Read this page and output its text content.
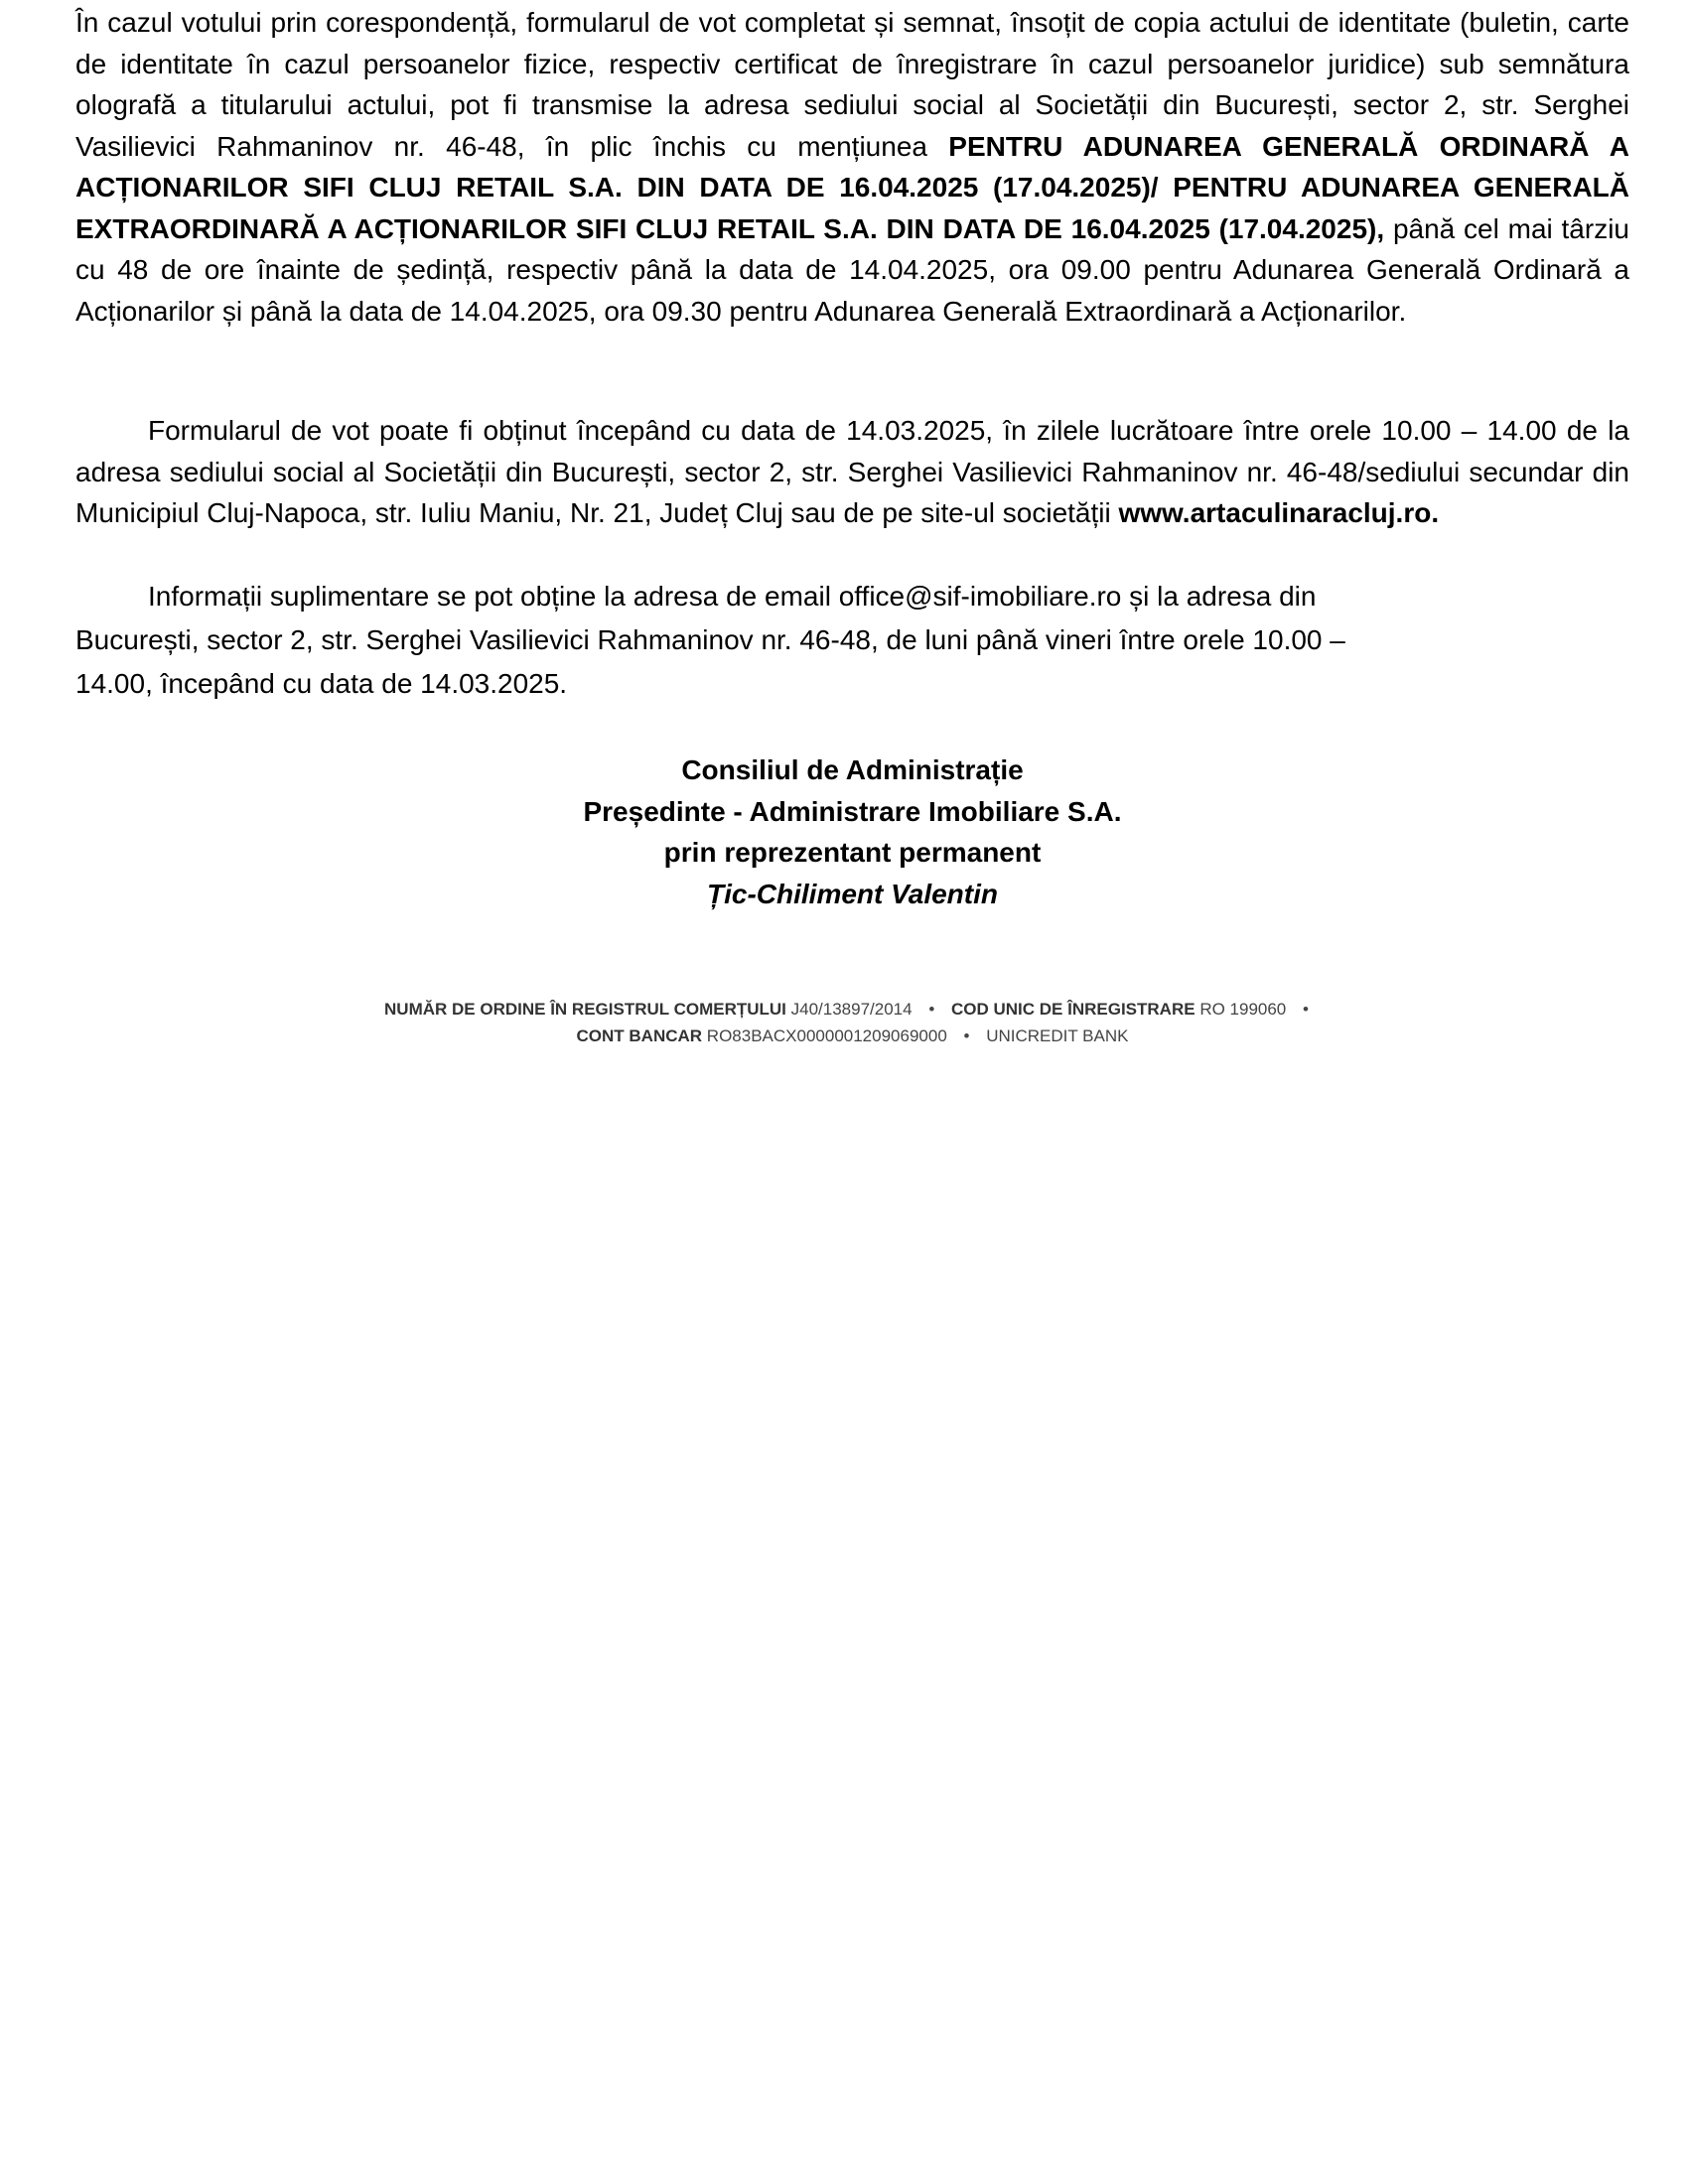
În cazul votului prin corespondență, formularul de vot completat și semnat, însoțit de copia actului de identitate (buletin, carte de identitate în cazul persoanelor fizice, respectiv certificat de înregistrare în cazul persoanelor juridice) sub semnătura olografă a titularului actului, pot fi transmise la adresa sediului social al Societății din București, sector 2, str. Serghei Vasilievici Rahmaninov nr. 46-48, în plic închis cu mențiunea PENTRU ADUNAREA GENERALĂ ORDINARĂ A ACȚIONARILOR SIFI CLUJ RETAIL S.A. DIN DATA DE 16.04.2025 (17.04.2025)/ PENTRU ADUNAREA GENERALĂ EXTRAORDINARĂ A ACȚIONARILOR SIFI CLUJ RETAIL S.A. DIN DATA DE 16.04.2025 (17.04.2025), până cel mai târziu cu 48 de ore înainte de ședință, respectiv până la data de 14.04.2025, ora 09.00 pentru Adunarea Generală Ordinară a Acționarilor și până la data de 14.04.2025, ora 09.30 pentru Adunarea Generală Extraordinară a Acționarilor.

Formularul de vot poate fi obținut începând cu data de 14.03.2025, în zilele lucrătoare între orele 10.00 – 14.00 de la adresa sediului social al Societății din București, sector 2, str. Serghei Vasilievici Rahmaninov nr. 46-48/sediului secundar din Municipiul Cluj-Napoca, str. Iuliu Maniu, Nr. 21, Județ Cluj sau de pe site-ul societății www.artaculinaracluj.ro.

Informații suplimentare se pot obține la adresa de email office@sif-imobiliare.ro și la adresa din
București, sector 2, str. Serghei Vasilievici Rahmaninov nr. 46-48, de luni până vineri între orele 10.00 –
14.00, începând cu data de 14.03.2025.

Consiliul de Administrație
Președinte - Administrare Imobiliare S.A.
prin reprezentant permanent
Țic-Chiliment Valentin
NUMĂR DE ORDINE ÎN REGISTRUL COMERȚULUI J40/13897/2014 • COD UNIC DE ÎNREGISTRARE RO 199060 •
CONT BANCAR RO83BACX0000001209069000 • UNICREDIT BANK
